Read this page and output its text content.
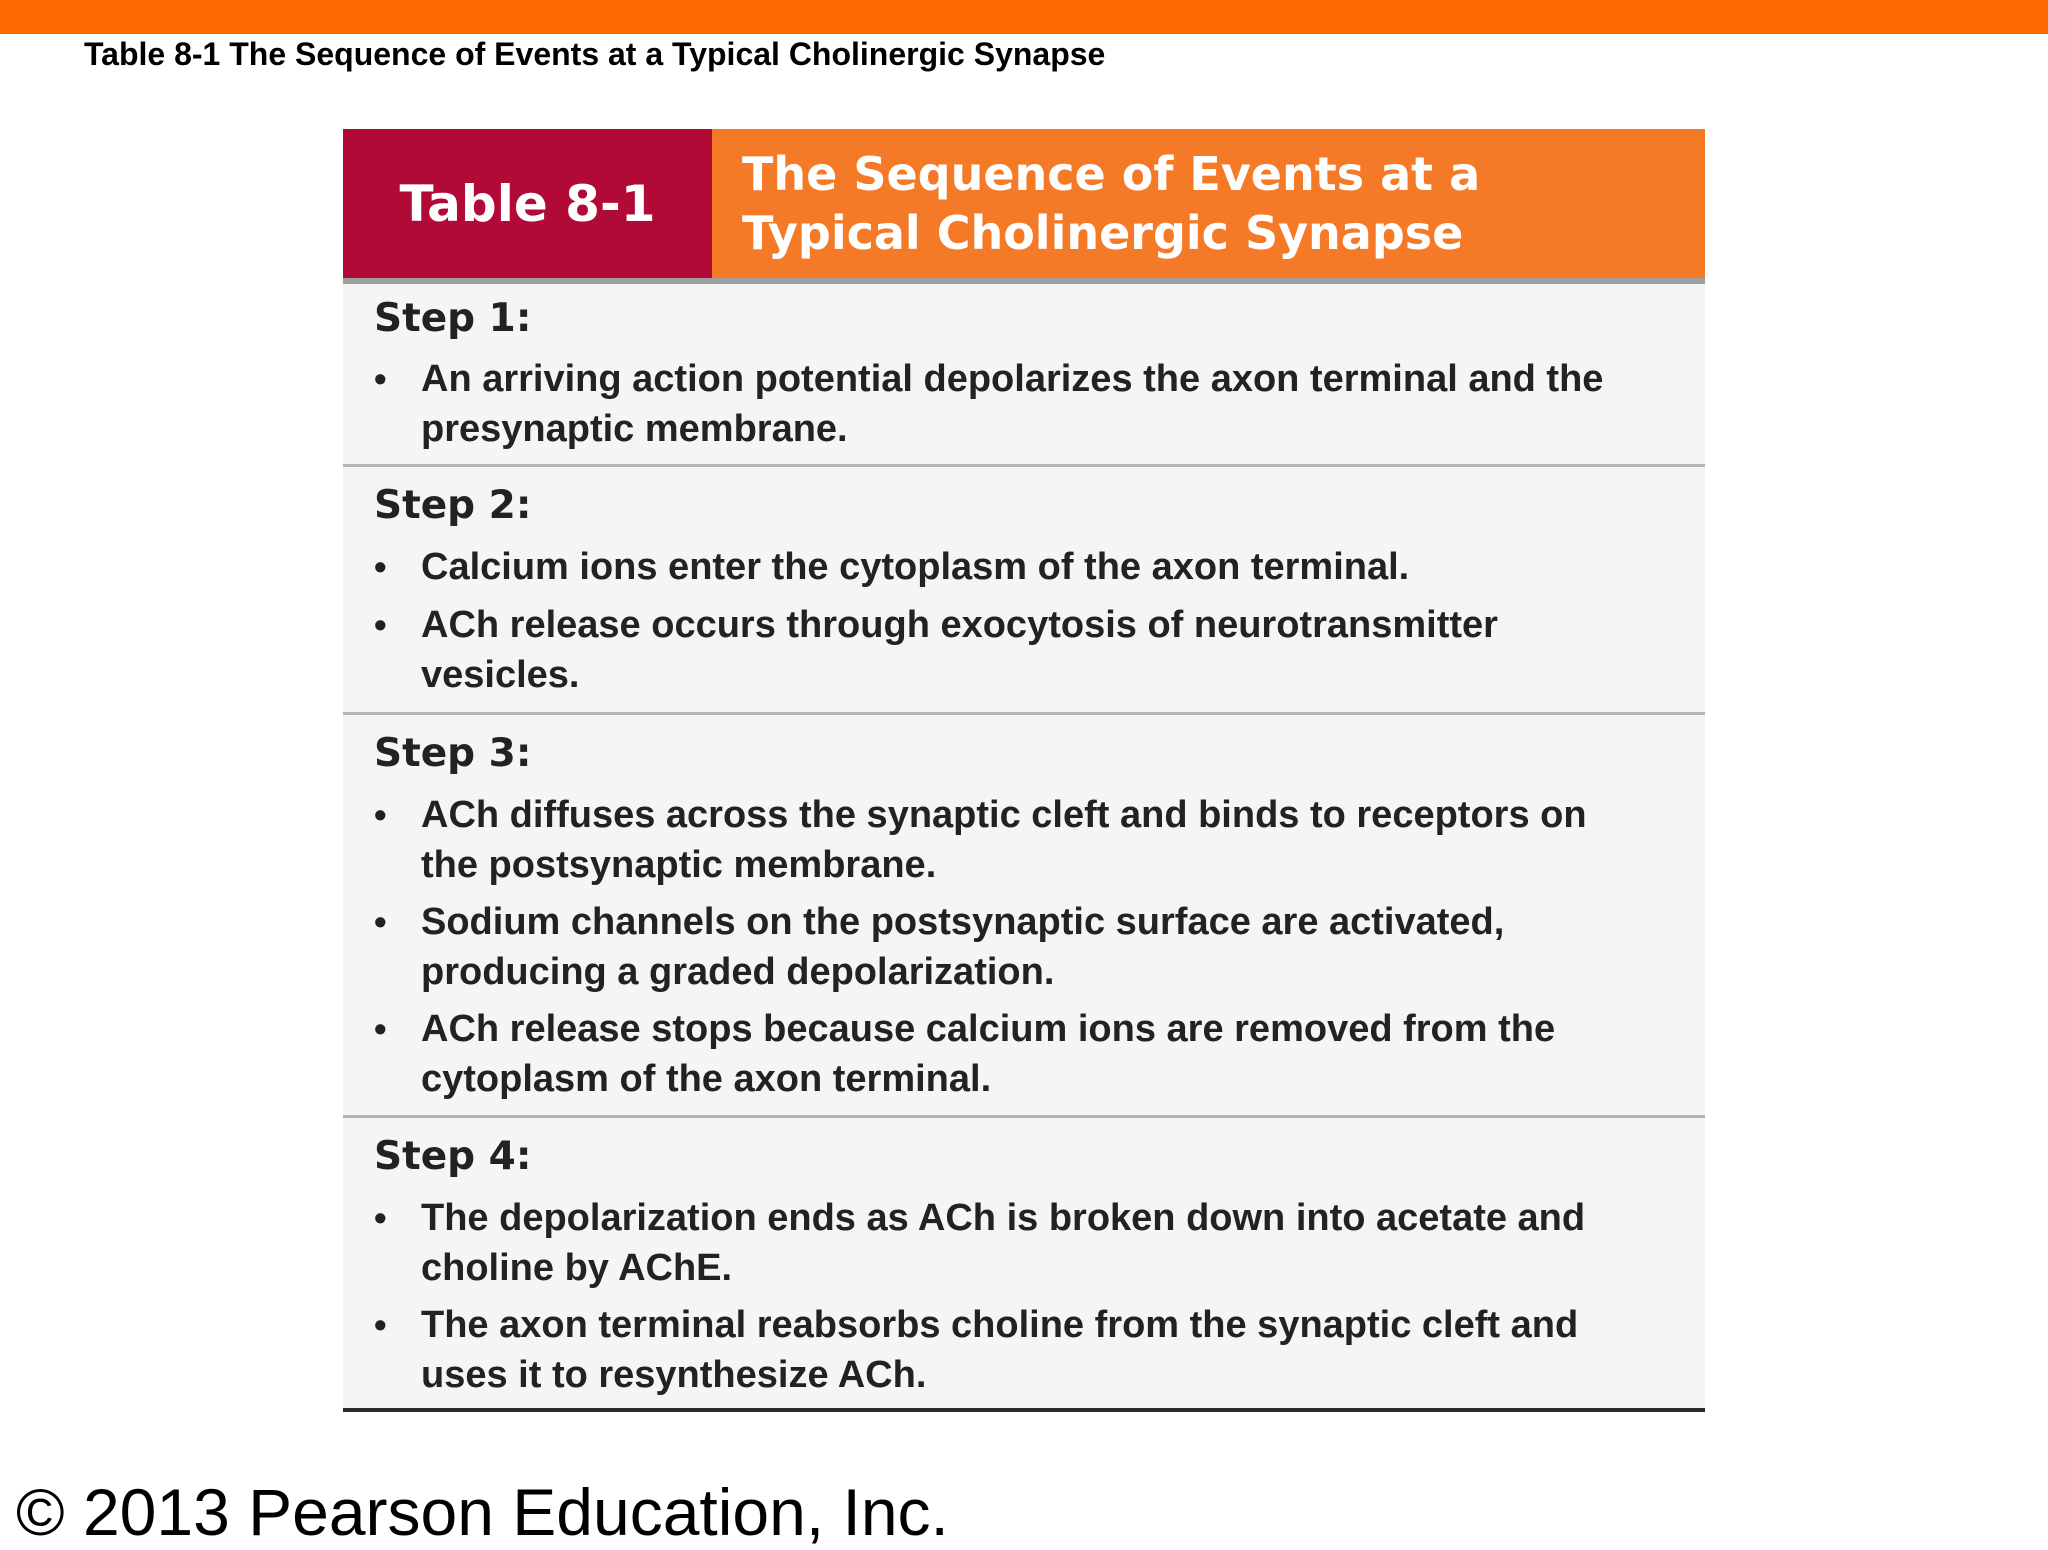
Table 8-1 The Sequence of Events at a Typical Cholinergic Synapse
Table 8-1
The Sequence of Events at a
Typical Cholinergic Synapse
Step 1:
• An arriving action potential depolarizes the axon terminal and the
presynaptic membrane.
Step 2:
• Calcium ions enter the cytoplasm of the axon terminal.
• ACh release occurs through exocytosis of neurotransmitter
vesicles.
Step 3:
• ACh diffuses across the synaptic cleft and binds to receptors on
the postsynaptic membrane.
• Sodium channels on the postsynaptic surface are activated,
producing a graded depolarization.
• ACh release stops because calcium ions are removed from the
cytoplasm of the axon terminal.
Step 4:
• The depolarization ends as ACh is broken down into acetate and
choline by AChE.
• The axon terminal reabsorbs choline from the synaptic cleft and
uses it to resynthesize ACh.
© 2013 Pearson Education, Inc.
